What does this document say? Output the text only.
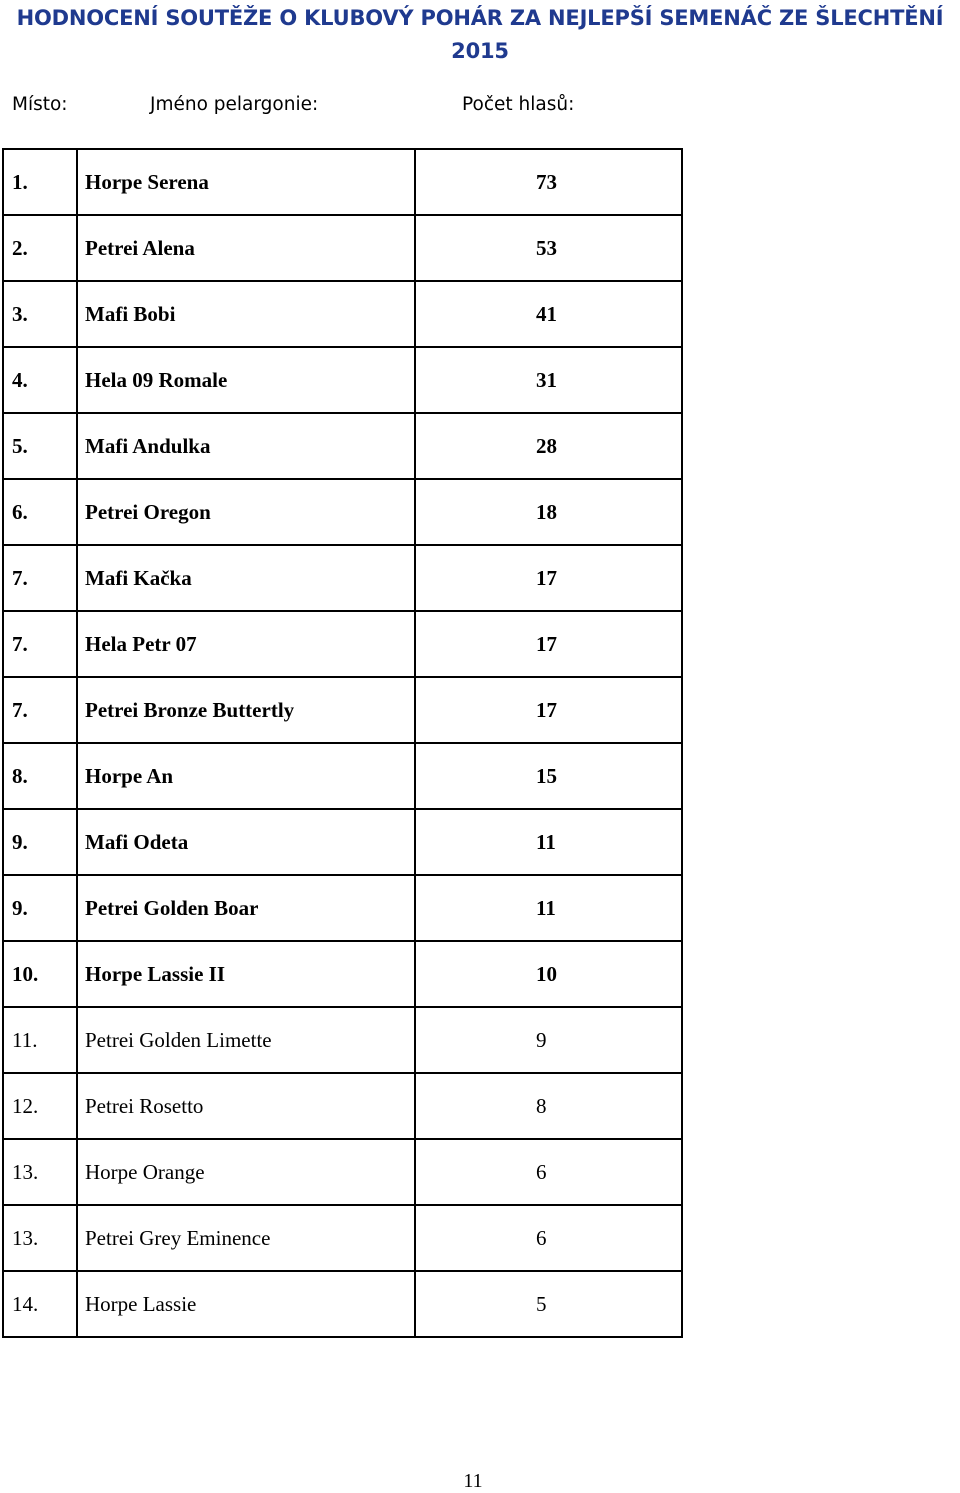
HODNOCENÍ SOUTĚŽE O KLUBOVÝ POHÁR ZA NEJLEPŠÍ SEMENÁČ ZE ŠLECHTĚNÍ
2015
Místo:	Jméno pelargonie:	Počet hlasů:
1.	Horpe Serena	73
2.	Petrei Alena	53
3.	Mafi Bobi	41
4.	Hela 09 Romale	31
5.	Mafi Andulka	28
6.	Petrei Oregon	18
7.	Mafi Kačka	17
7.	Hela Petr 07	17
7.	Petrei Bronze Buttertly	17
8.	Horpe An	15
9.	Mafi Odeta	11
9.	Petrei Golden Boar	11
10.	Horpe Lassie II	10
11.	Petrei Golden Limette	9
12.	Petrei Rosetto	8
13.	Horpe Orange	6
13.	Petrei Grey Eminence	6
14.	Horpe Lassie	5
11
